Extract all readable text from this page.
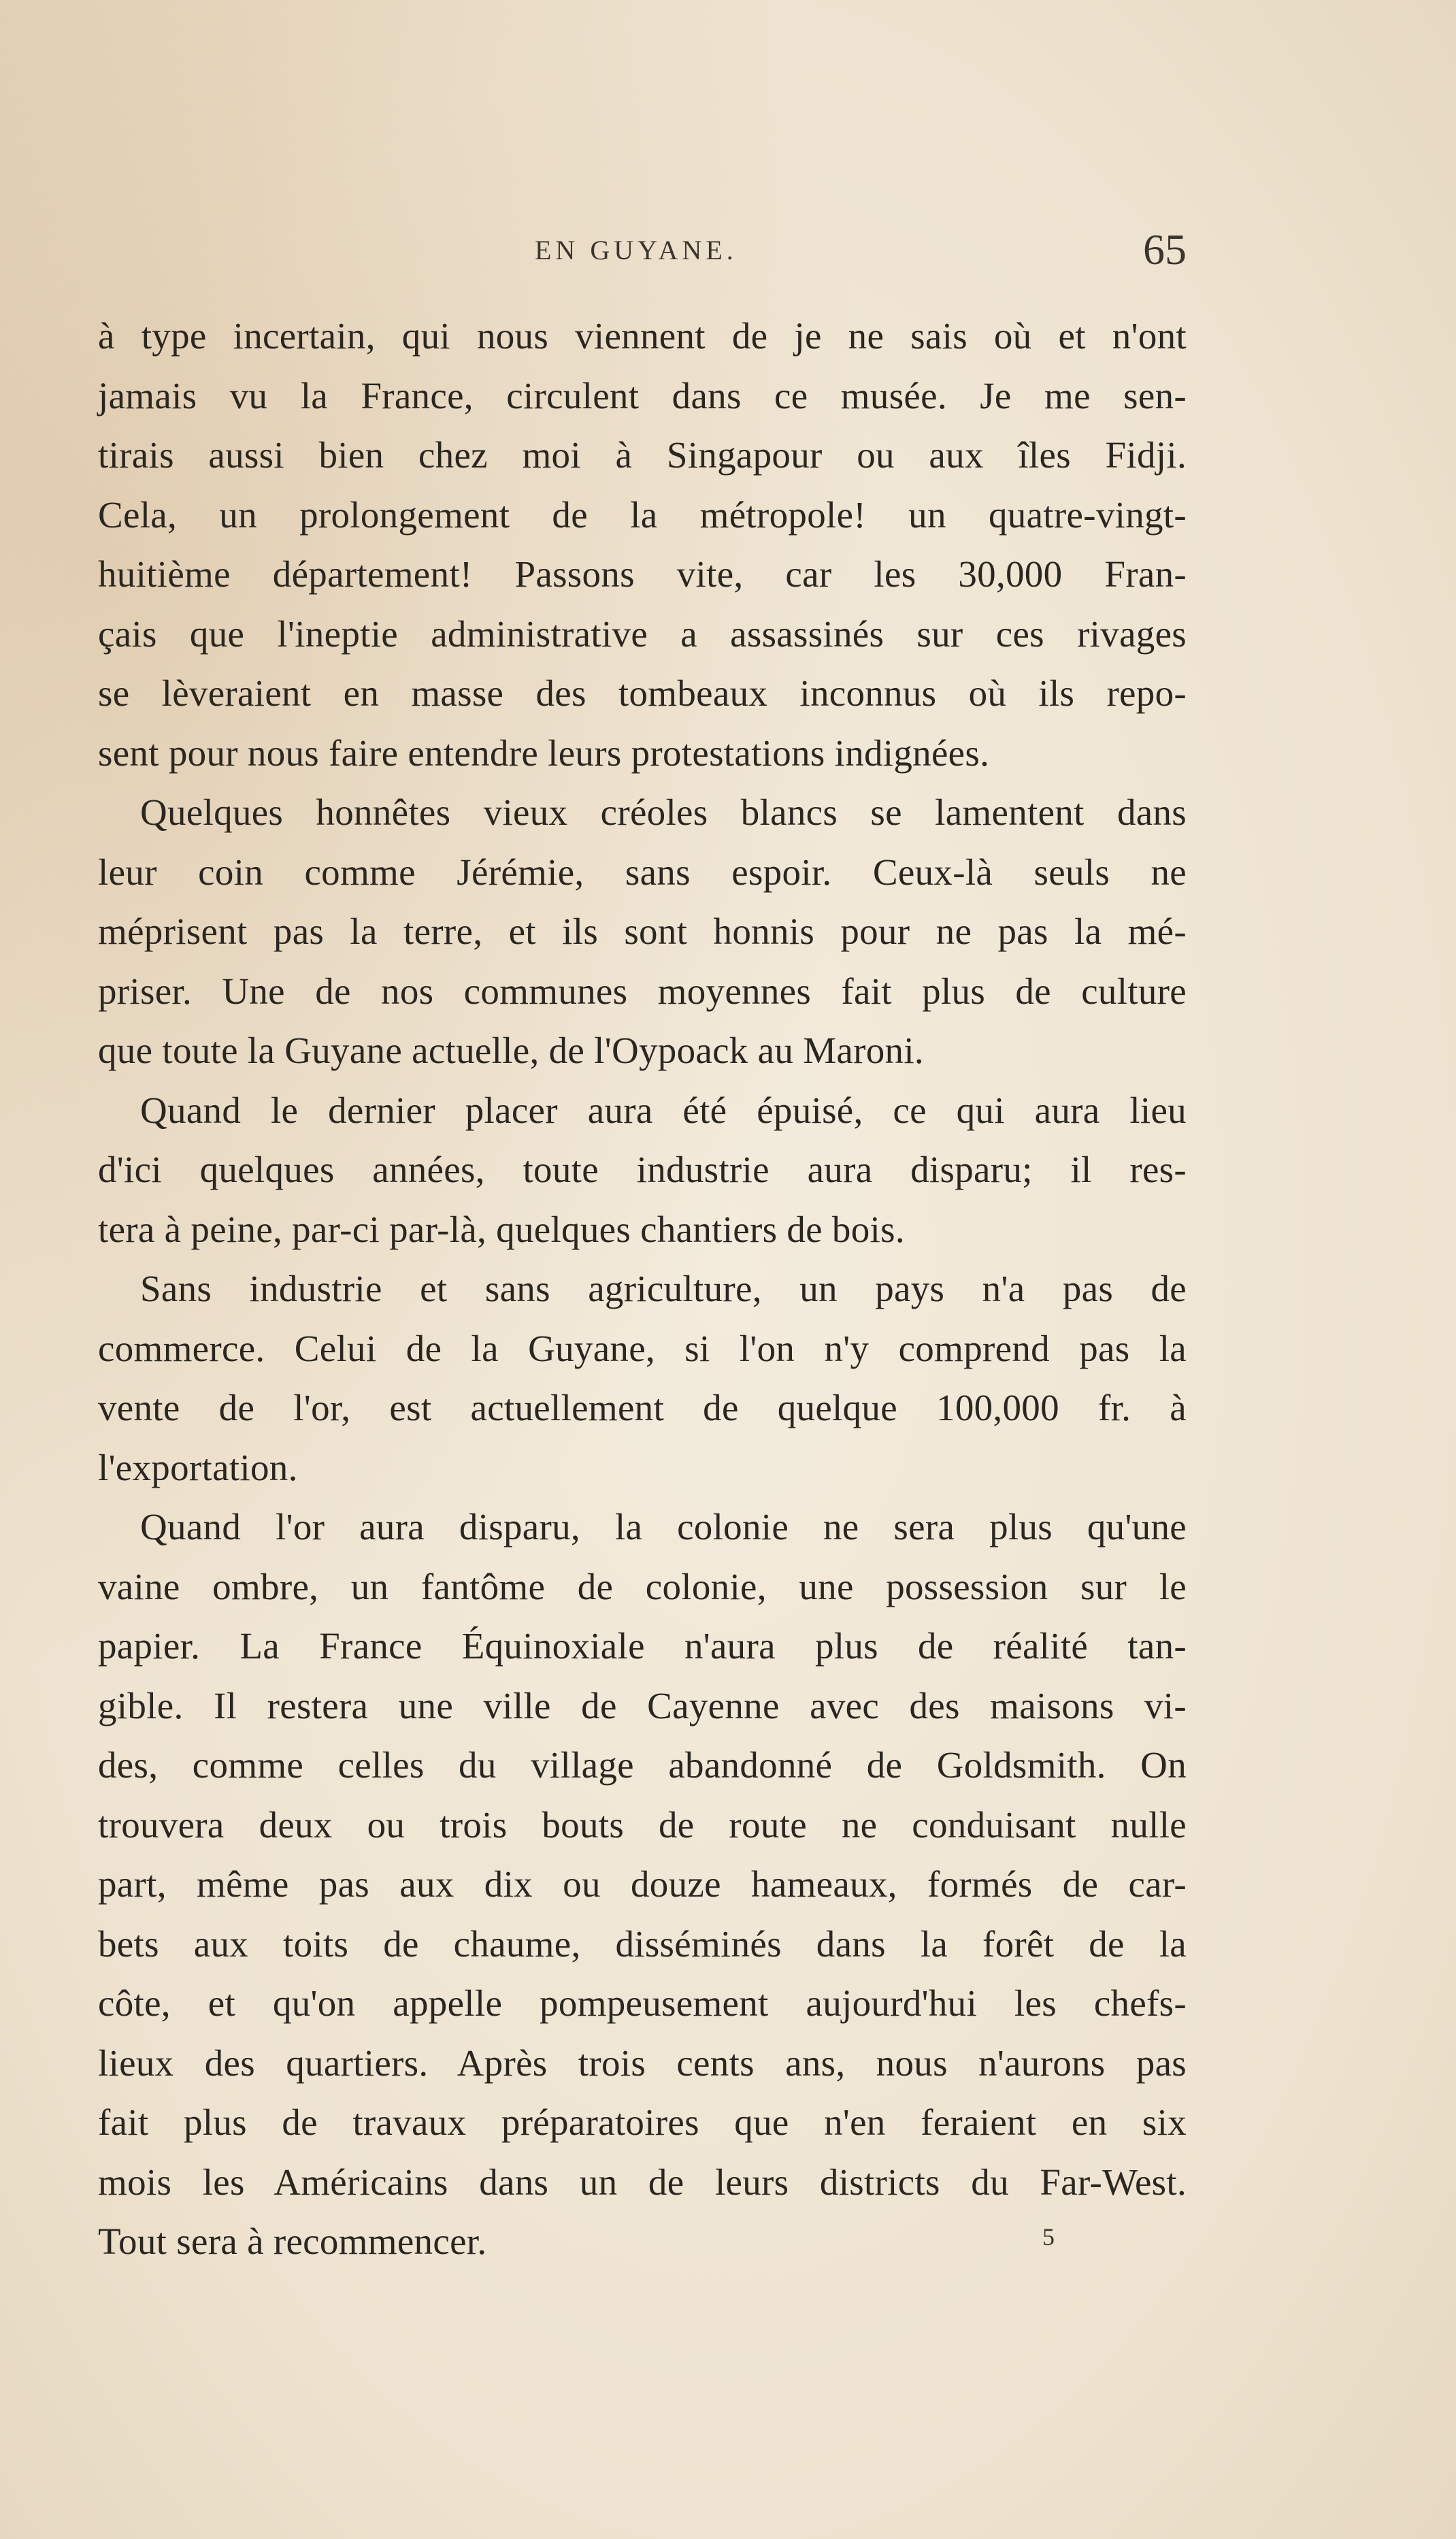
EN GUYANE.	65
à type incertain, qui nous viennent de je ne sais où et n'ont
jamais vu la France, circulent dans ce musée. Je me sen-
tirais aussi bien chez moi à Singapour ou aux îles Fidji.
Cela, un prolongement de la métropole! un quatre-vingt-
huitième département! Passons vite, car les 30,000 Fran-
çais que l'ineptie administrative a assassinés sur ces rivages
se lèveraient en masse des tombeaux inconnus où ils repo-
sent pour nous faire entendre leurs protestations indignées.
Quelques honnêtes vieux créoles blancs se lamentent dans
leur coin comme Jérémie, sans espoir. Ceux-là seuls ne
méprisent pas la terre, et ils sont honnis pour ne pas la mé-
priser. Une de nos communes moyennes fait plus de culture
que toute la Guyane actuelle, de l'Oypoack au Maroni.
Quand le dernier placer aura été épuisé, ce qui aura lieu
d'ici quelques années, toute industrie aura disparu; il res-
tera à peine, par-ci par-là, quelques chantiers de bois.
Sans industrie et sans agriculture, un pays n'a pas de
commerce. Celui de la Guyane, si l'on n'y comprend pas la
vente de l'or, est actuellement de quelque 100,000 fr. à
l'exportation.
Quand l'or aura disparu, la colonie ne sera plus qu'une
vaine ombre, un fantôme de colonie, une possession sur le
papier. La France Équinoxiale n'aura plus de réalité tan-
gible. Il restera une ville de Cayenne avec des maisons vi-
des, comme celles du village abandonné de Goldsmith. On
trouvera deux ou trois bouts de route ne conduisant nulle
part, même pas aux dix ou douze hameaux, formés de car-
bets aux toits de chaume, disséminés dans la forêt de la
côte, et qu'on appelle pompeusement aujourd'hui les chefs-
lieux des quartiers. Après trois cents ans, nous n'aurons pas
fait plus de travaux préparatoires que n'en feraient en six
mois les Américains dans un de leurs districts du Far-West.
Tout sera à recommencer.	5
